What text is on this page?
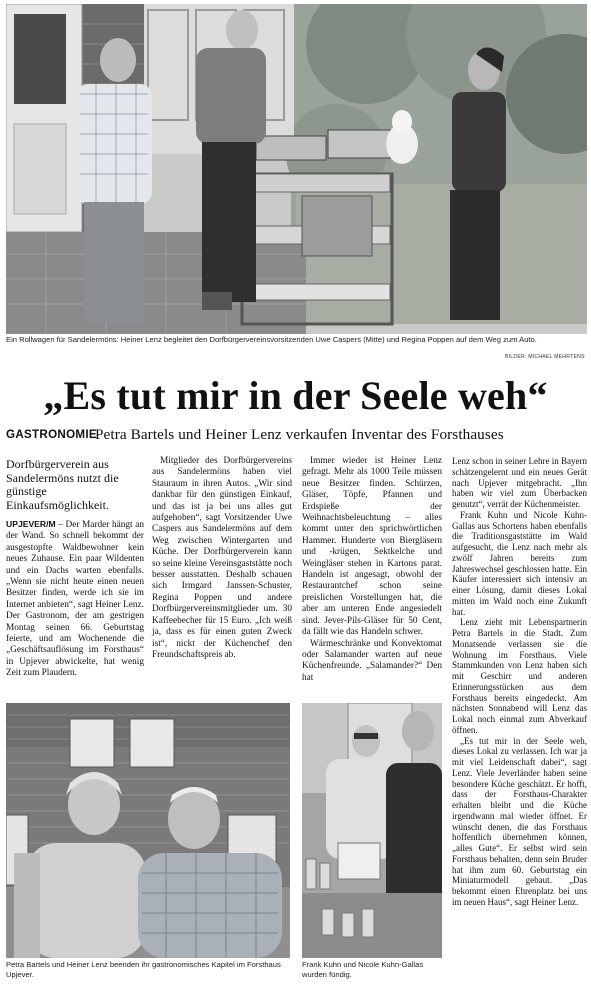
Ein Rollwagen für Sandelermöns: Heiner Lenz begleitet den Dorfbürgervereinsvorsitzenden Uwe Caspers (Mitte) und Regina Poppen auf dem Weg zum Auto.
BILDER: MICHAEL MEHRTENS
„Es tut mir in der Seele weh“
GASTRONOMIE
Petra Bartels und Heiner Lenz verkaufen Inventar des Forsthauses
Dorfbürgerverein aus Sandelermöns nutzt die günstige Einkaufsmöglichkeit.

UPJEVER/M – Der Marder hängt an der Wand. So schnell bekommt der ausgestopfte Waldbewohner kein neues Zuhause. Ein paar Wildenten und ein Dachs warten ebenfalls. „Wenn sie nicht heute einen neuen Besitzer finden, werde ich sie im Internet anbieten“, sagt Heiner Lenz. Der Gastronom, der am gestrigen Montag seinen 66. Geburtstag feierte, und am Wochenende die „Geschäftsauflösung im Forsthaus“ in Upjever abwickelte, hat wenig Zeit zum Plaudern.

Mitglieder des Dorfbürgervereins aus Sandelermöns haben viel Stauraum in ihren Autos. „Wir sind dankbar für den günstigen Einkauf, und das ist ja bei uns alles gut aufgehoben“, sagt Vorsitzender Uwe Caspers aus Sandelermöns auf dem Weg zwischen Wintergarten und Küche. Der Dorfbürgerverein kann so seine kleine Vereinsgaststätte noch besser ausstatten. Deshalb schauen sich Irmgard Janssen-Schuster, Regina Poppen und andere Dorfbürgervereinsmitglieder um. 30 Kaffeebecher für 15 Euro. „Ich weiß ja, dass es für einen guten Zweck ist“, nickt der Küchenchef den Freundschaftspreis ab.

Immer wieder ist Heiner Lenz gefragt. Mehr als 1000 Teile müssen neue Besitzer finden. Schürzen, Gläser, Töpfe, Pfannen und Erdspieße der Weihnachtsbeleuchtung – alles kommt unter den sprichwörtlichen Hammer. Hunderte von Biergläsern und -krügen, Sektkelche und Weingläser stehen in Kartons parat. Handeln ist angesagt, obwohl der Restaurantchef schon seine preislichen Vorstellungen hat, die aber am unteren Ende angesiedelt sind. Jever-Pils-Gläser für 50 Cent, da fällt wie das Handeln schwer.

Wärmeschränke und Konvektomat oder Salamander warten auf neue Küchenfreunde. „Salamander?“ Den hat

Lenz schon in seiner Lehre in Bayern schätzengelernt und ein neues Gerät nach Upjever mitgebracht. „Ihn haben wir viel zum Überbacken genutzt“, verrät der Küchenmeister.

Frank Kuhn und Nicole Kuhn-Gallas aus Schortens haben ebenfalls die Traditionsgaststätte im Wald aufgesucht, die Lenz nach mehr als zwölf Jahren bereits zum Jahreswechsel geschlossen hatte. Ein Käufer interessiert sich intensiv an einer Lösung, damit dieses Lokal mitten im Wald noch eine Zukunft hat.

Lenz zieht mit Lebenspartnerin Petra Bartels in die Stadt. Zum Monatsende verlassen sie die Wohnung im Forsthaus. Viele Stammkunden von Lenz haben sich mit Geschirr und anderen Erinnerungsstücken aus dem Forsthaus bereits eingedeckt. Am nächsten Sonnabend will Lenz das Lokal noch einmal zum Abverkauf öffnen.

„Es tut mir in der Seele weh, dieses Lokal zu verlassen. Ich war ja mit viel Leidenschaft dabei“, sagt Lenz. Viele Jeverländer haben seine besondere Küche geschätzt. Er hofft, dass der Forsthaus-Charakter erhalten bleibt und die Küche irgendwann mal wieder öffnet. Er wünscht denen, die das Forsthaus hoffentlich übernehmen können, „alles Gute“. Er selbst wird sein Forsthaus behalten, denn sein Bruder hat ihm zum 60. Geburtstag ein Miniaturmodell gebaut. „Das bekommt einen Ehrenplatz bei uns im neuen Haus“, sagt Heiner Lenz.

Petra Bartels und Heiner Lenz beenden ihr gastronomisches Kapitel im Forsthaus Upjever.
Frank Kuhn und Nicole Kuhn-Gallas wurden fündig.
